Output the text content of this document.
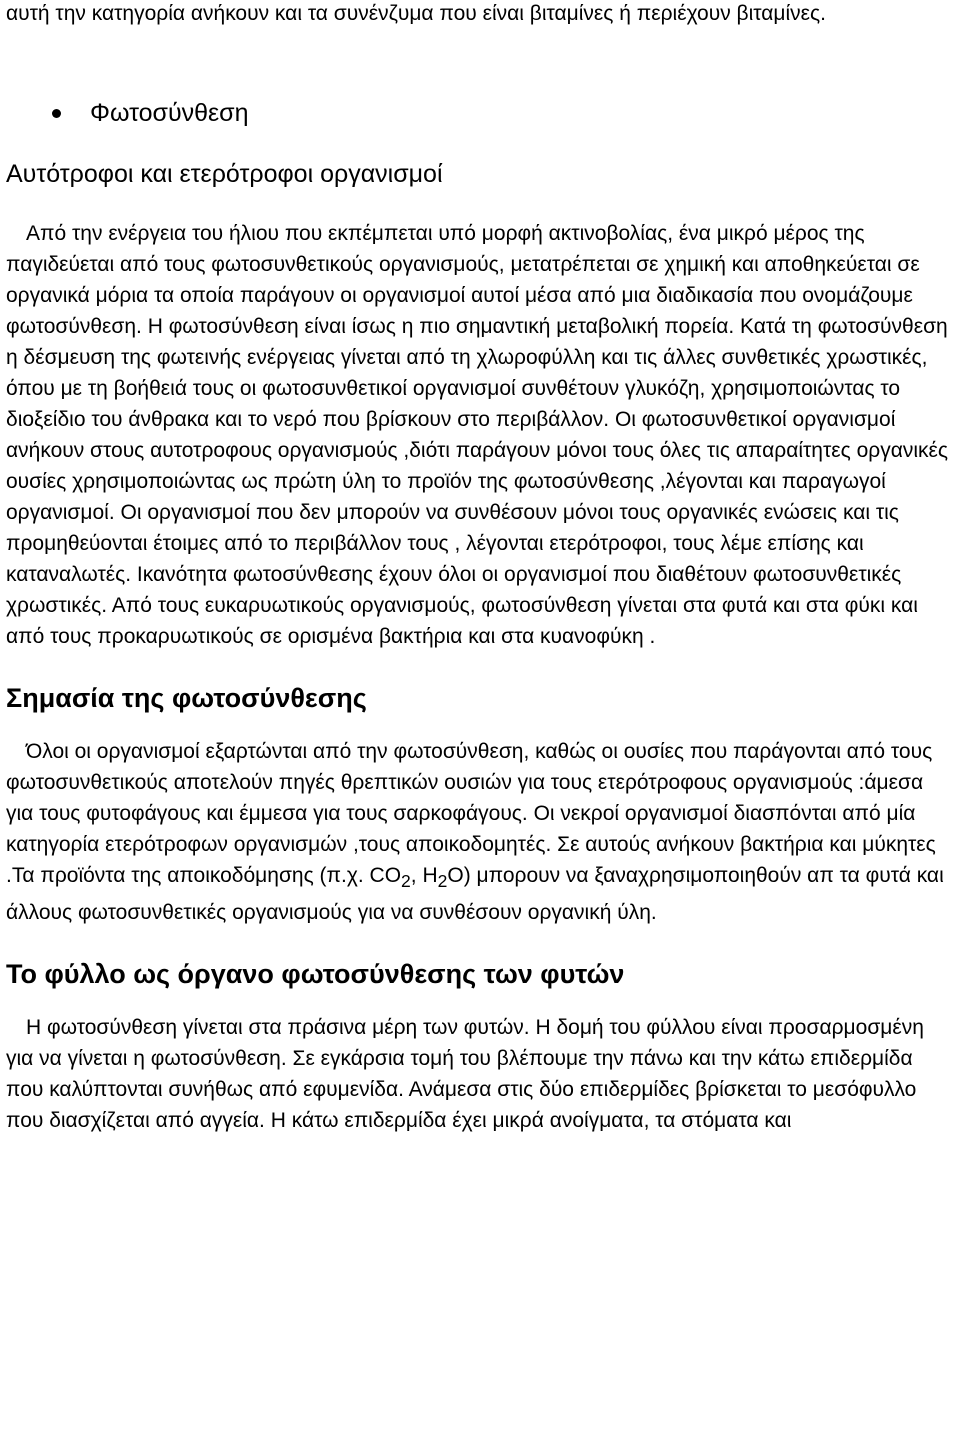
αυτή την κατηγορία ανήκουν και τα συνένζυμα που είναι βιταμίνες ή περιέχουν βιταμίνες.

Φωτοσύνθεση
Αυτότροφοι και ετερότροφοι οργανισμοί

Από την ενέργεια του ήλιου που εκπέμπεται υπό μορφή ακτινοβολίας, ένα μικρό μέρος της παγιδεύεται από τους φωτοσυνθετικούς οργανισμούς, μετατρέπεται σε χημική και αποθηκεύεται σε οργανικά μόρια τα οποία παράγουν οι οργανισμοί αυτοί μέσα από μια διαδικασία που ονομάζουμε φωτοσύνθεση. Η φωτοσύνθεση είναι ίσως η πιο σημαντική μεταβολική πορεία. Κατά τη φωτοσύνθεση η δέσμευση της φωτεινής ενέργειας γίνεται από τη χλωροφύλλη και τις άλλες συνθετικές χρωστικές, όπου με τη βοήθειά τους οι φωτοσυνθετικοί οργανισμοί συνθέτουν γλυκόζη, χρησιμοποιώντας το διοξείδιο του άνθρακα και το νερό που βρίσκουν στο περιβάλλον. Οι φωτοσυνθετικοί οργανισμοί ανήκουν στους αυτοτροφους οργανισμούς ,διότι παράγουν μόνοι τους όλες τις απαραίτητες οργανικές ουσίες χρησιμοποιώντας ως πρώτη ύλη το προϊόν της φωτοσύνθεσης ,λέγονται και παραγωγοί οργανισμοί. Οι οργανισμοί που δεν μπορούν να συνθέσουν μόνοι τους οργανικές ενώσεις και τις προμηθεύονται έτοιμες από το περιβάλλον τους , λέγονται ετερότροφοι, τους λέμε επίσης και καταναλωτές. Ικανότητα φωτοσύνθεσης έχουν όλοι οι οργανισμοί που διαθέτουν φωτοσυνθετικές χρωστικές. Από τους ευκαρυωτικούς οργανισμούς, φωτοσύνθεση γίνεται στα φυτά και στα φύκι και από τους προκαρυωτικούς σε ορισμένα βακτήρια και στα κυανοφύκη .

Σημασία της φωτοσύνθεσης

Όλοι οι οργανισμοί εξαρτώνται από την φωτοσύνθεση, καθώς οι ουσίες που παράγονται από τους φωτοσυνθετικούς αποτελούν πηγές θρεπτικών ουσιών για τους ετερότροφους οργανισμούς :άμεσα για τους φυτοφάγους και έμμεσα για τους σαρκοφάγους. Οι νεκροί οργανισμοί διασπόνται από μία κατηγορία ετερότροφων οργανισμών ,τους αποικοδομητές. Σε αυτούς ανήκουν βακτήρια και μύκητες .Τα προϊόντα της αποικοδόμησης (π.χ. $CO_2$, $H_2O$) μπορουν να ξαναχρησιμοποιηθούν απ τα φυτά και άλλους φωτοσυνθετικές οργανισμούς για να συνθέσουν οργανική ύλη.

Το φύλλο ως όργανο φωτοσύνθεσης των φυτών

Η φωτοσύνθεση γίνεται στα πράσινα μέρη των φυτών. Η δομή του φύλλου είναι προσαρμοσμένη για να γίνεται η φωτοσύνθεση. Σε εγκάρσια τομή του βλέπουμε την πάνω και την κάτω επιδερμίδα που καλύπτονται συνήθως από εφυμενίδα. Ανάμεσα στις δύο επιδερμίδες βρίσκεται το μεσόφυλλο που διασχίζεται από αγγεία. Η κάτω επιδερμίδα έχει μικρά ανοίγματα, τα στόματα και
